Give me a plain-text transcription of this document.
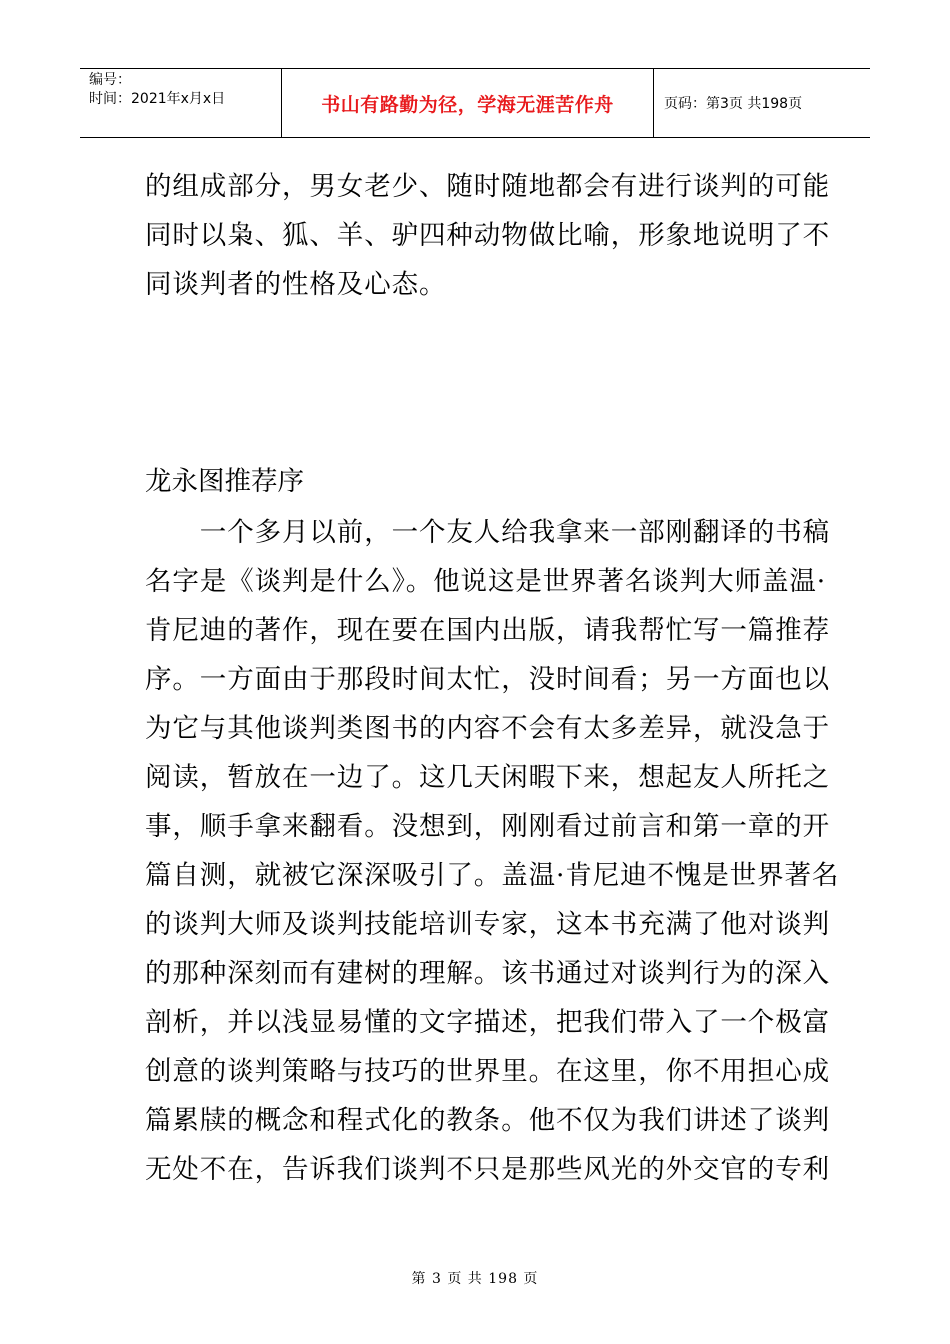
编号：
时间：2021年x月x日	书山有路勤为径，学海无涯苦作舟	页码：第3页 共198页
的组成部分，男女老少、随时随地都会有进行谈判的可能
同时以枭、狐、羊、驴四种动物做比喻，形象地说明了不
同谈判者的性格及心态。
龙永图推荐序
　　一个多月以前，一个友人给我拿来一部刚翻译的书稿
名字是《谈判是什么》。他说这是世界著名谈判大师盖温·
肯尼迪的著作，现在要在国内出版，请我帮忙写一篇推荐
序。一方面由于那段时间太忙，没时间看；另一方面也以
为它与其他谈判类图书的内容不会有太多差异，就没急于
阅读，暂放在一边了。这几天闲暇下来，想起友人所托之
事，顺手拿来翻看。没想到，刚刚看过前言和第一章的开
篇自测，就被它深深吸引了。盖温·肯尼迪不愧是世界著名
的谈判大师及谈判技能培训专家，这本书充满了他对谈判
的那种深刻而有建树的理解。该书通过对谈判行为的深入
剖析，并以浅显易懂的文字描述，把我们带入了一个极富
创意的谈判策略与技巧的世界里。在这里，你不用担心成
篇累牍的概念和程式化的教条。他不仅为我们讲述了谈判
无处不在，告诉我们谈判不只是那些风光的外交官的专利
第 3 页 共 198 页
